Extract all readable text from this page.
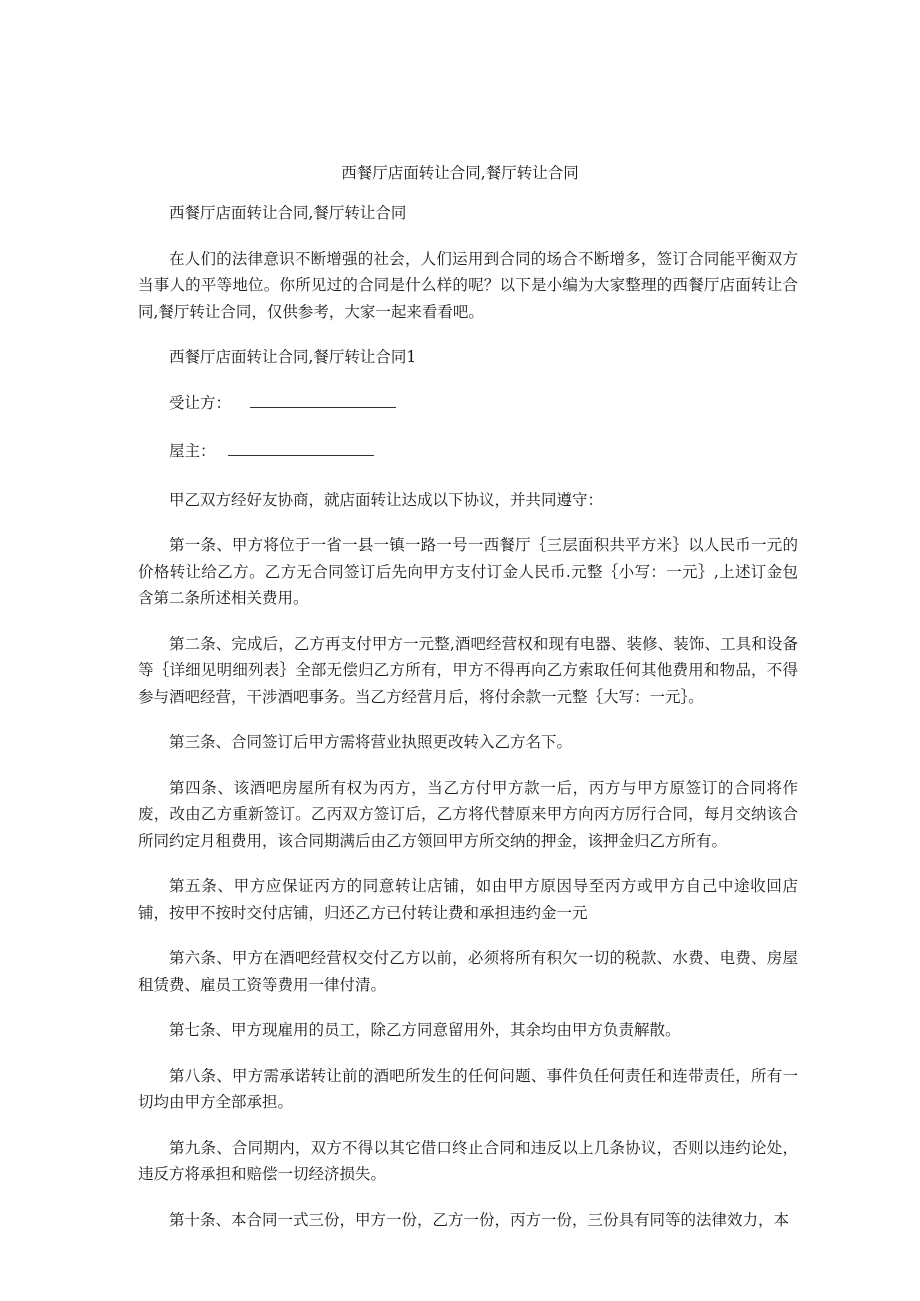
西餐厅店面转让合同,餐厅转让合同

西餐厅店面转让合同,餐厅转让合同

在人们的法律意识不断增强的社会，人们运用到合同的场合不断增多，签订合同能平衡双方当事人的平等地位。你所见过的合同是什么样的呢？以下是小编为大家整理的西餐厅店面转让合同,餐厅转让合同，仅供参考，大家一起来看看吧。

西餐厅店面转让合同,餐厅转让合同1

受让方：
屋主：

甲乙双方经好友协商，就店面转让达成以下协议，并共同遵守：

第一条、甲方将位于一省一县一镇一路一号一西餐厅｛三层面积共平方米｝以人民币一元的价格转让给乙方。乙方无合同签订后先向甲方支付订金人民币.元整｛小写：一元｝,上述订金包含第二条所述相关费用。

第二条、完成后，乙方再支付甲方一元整,酒吧经营权和现有电器、装修、装饰、工具和设备等｛详细见明细列表｝全部无偿归乙方所有，甲方不得再向乙方索取任何其他费用和物品，不得参与酒吧经营，干涉酒吧事务。当乙方经营月后，将付余款一元整｛大写：一元｝。

第三条、合同签订后甲方需将营业执照更改转入乙方名下。

第四条、该酒吧房屋所有权为丙方，当乙方付甲方款一后，丙方与甲方原签订的合同将作废，改由乙方重新签订。乙丙双方签订后，乙方将代替原来甲方向丙方厉行合同，每月交纳该合所同约定月租费用，该合同期满后由乙方领回甲方所交纳的押金，该押金归乙方所有。

第五条、甲方应保证丙方的同意转让店铺，如由甲方原因导至丙方或甲方自己中途收回店铺，按甲不按时交付店铺，归还乙方已付转让费和承担违约金一元

第六条、甲方在酒吧经营权交付乙方以前，必须将所有积欠一切的税款、水费、电费、房屋租赁费、雇员工资等费用一律付清。

第七条、甲方现雇用的员工，除乙方同意留用外，其余均由甲方负责解散。

第八条、甲方需承诺转让前的酒吧所发生的任何问题、事件负任何责任和连带责任，所有一切均由甲方全部承担。

第九条、合同期内，双方不得以其它借口终止合同和违反以上几条协议，否则以违约论处，违反方将承担和赔偿一切经济损失。

第十条、本合同一式三份，甲方一份，乙方一份，丙方一份，三份具有同等的法律效力，本
